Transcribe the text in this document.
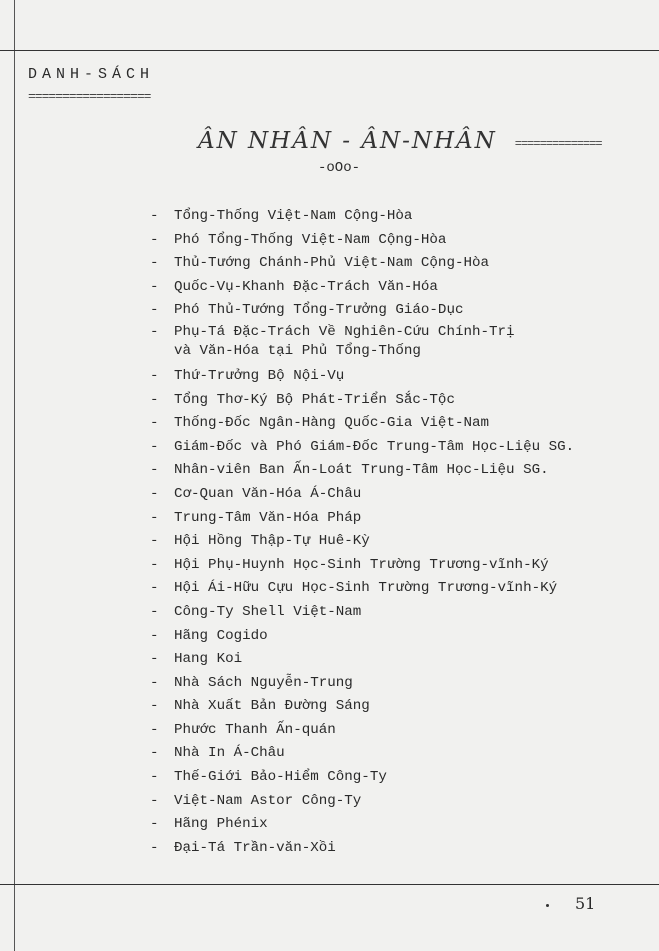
DANH-SÁCH
==================
ÂN NHÂN - ÂN-NHÂN ==============
-oOo-
-	Tổng-Thống Việt-Nam Cộng-Hòa
-	Phó Tổng-Thống Việt-Nam Cộng-Hòa
-	Thủ-Tướng Chánh-Phủ Việt-Nam Cộng-Hòa
-	Quốc-Vụ-Khanh Đặc-Trách Văn-Hóa
-	Phó Thủ-Tướng Tổng-Trưởng Giáo-Dục
-	Phụ-Tá Đặc-Trách Về Nghiên-Cứu Chính-Trị
và Văn-Hóa tại Phủ Tổng-Thống
-	Thứ-Trưởng Bộ Nội-Vụ
-	Tổng Thơ-Ký Bộ Phát-Triển Sắc-Tộc
-	Thống-Đốc Ngân-Hàng Quốc-Gia Việt-Nam
-	Giám-Đốc và Phó Giám-Đốc Trung-Tâm Học-Liệu SG.
-	Nhân-viên Ban Ấn-Loát Trung-Tâm Học-Liệu SG.
-	Cơ-Quan Văn-Hóa Á-Châu
-	Trung-Tâm Văn-Hóa Pháp
-	Hội Hồng Thập-Tự Huê-Kỳ
-	Hội Phụ-Huynh Học-Sinh Trường Trương-vĩnh-Ký
-	Hội Ái-Hữu Cựu Học-Sinh Trường Trương-vĩnh-Ký
-	Công-Ty Shell Việt-Nam
-	Hãng Cogido
-	Hang Koi
-	Nhà Sách Nguyễn-Trung
-	Nhà Xuất Bản Đường Sáng
-	Phước Thanh Ấn-quán
-	Nhà In Á-Châu
-	Thế-Giới Bảo-Hiểm Công-Ty
-	Việt-Nam Astor Công-Ty
-	Hãng Phénix
-	Đại-Tá Trần-văn-Xồi
51
